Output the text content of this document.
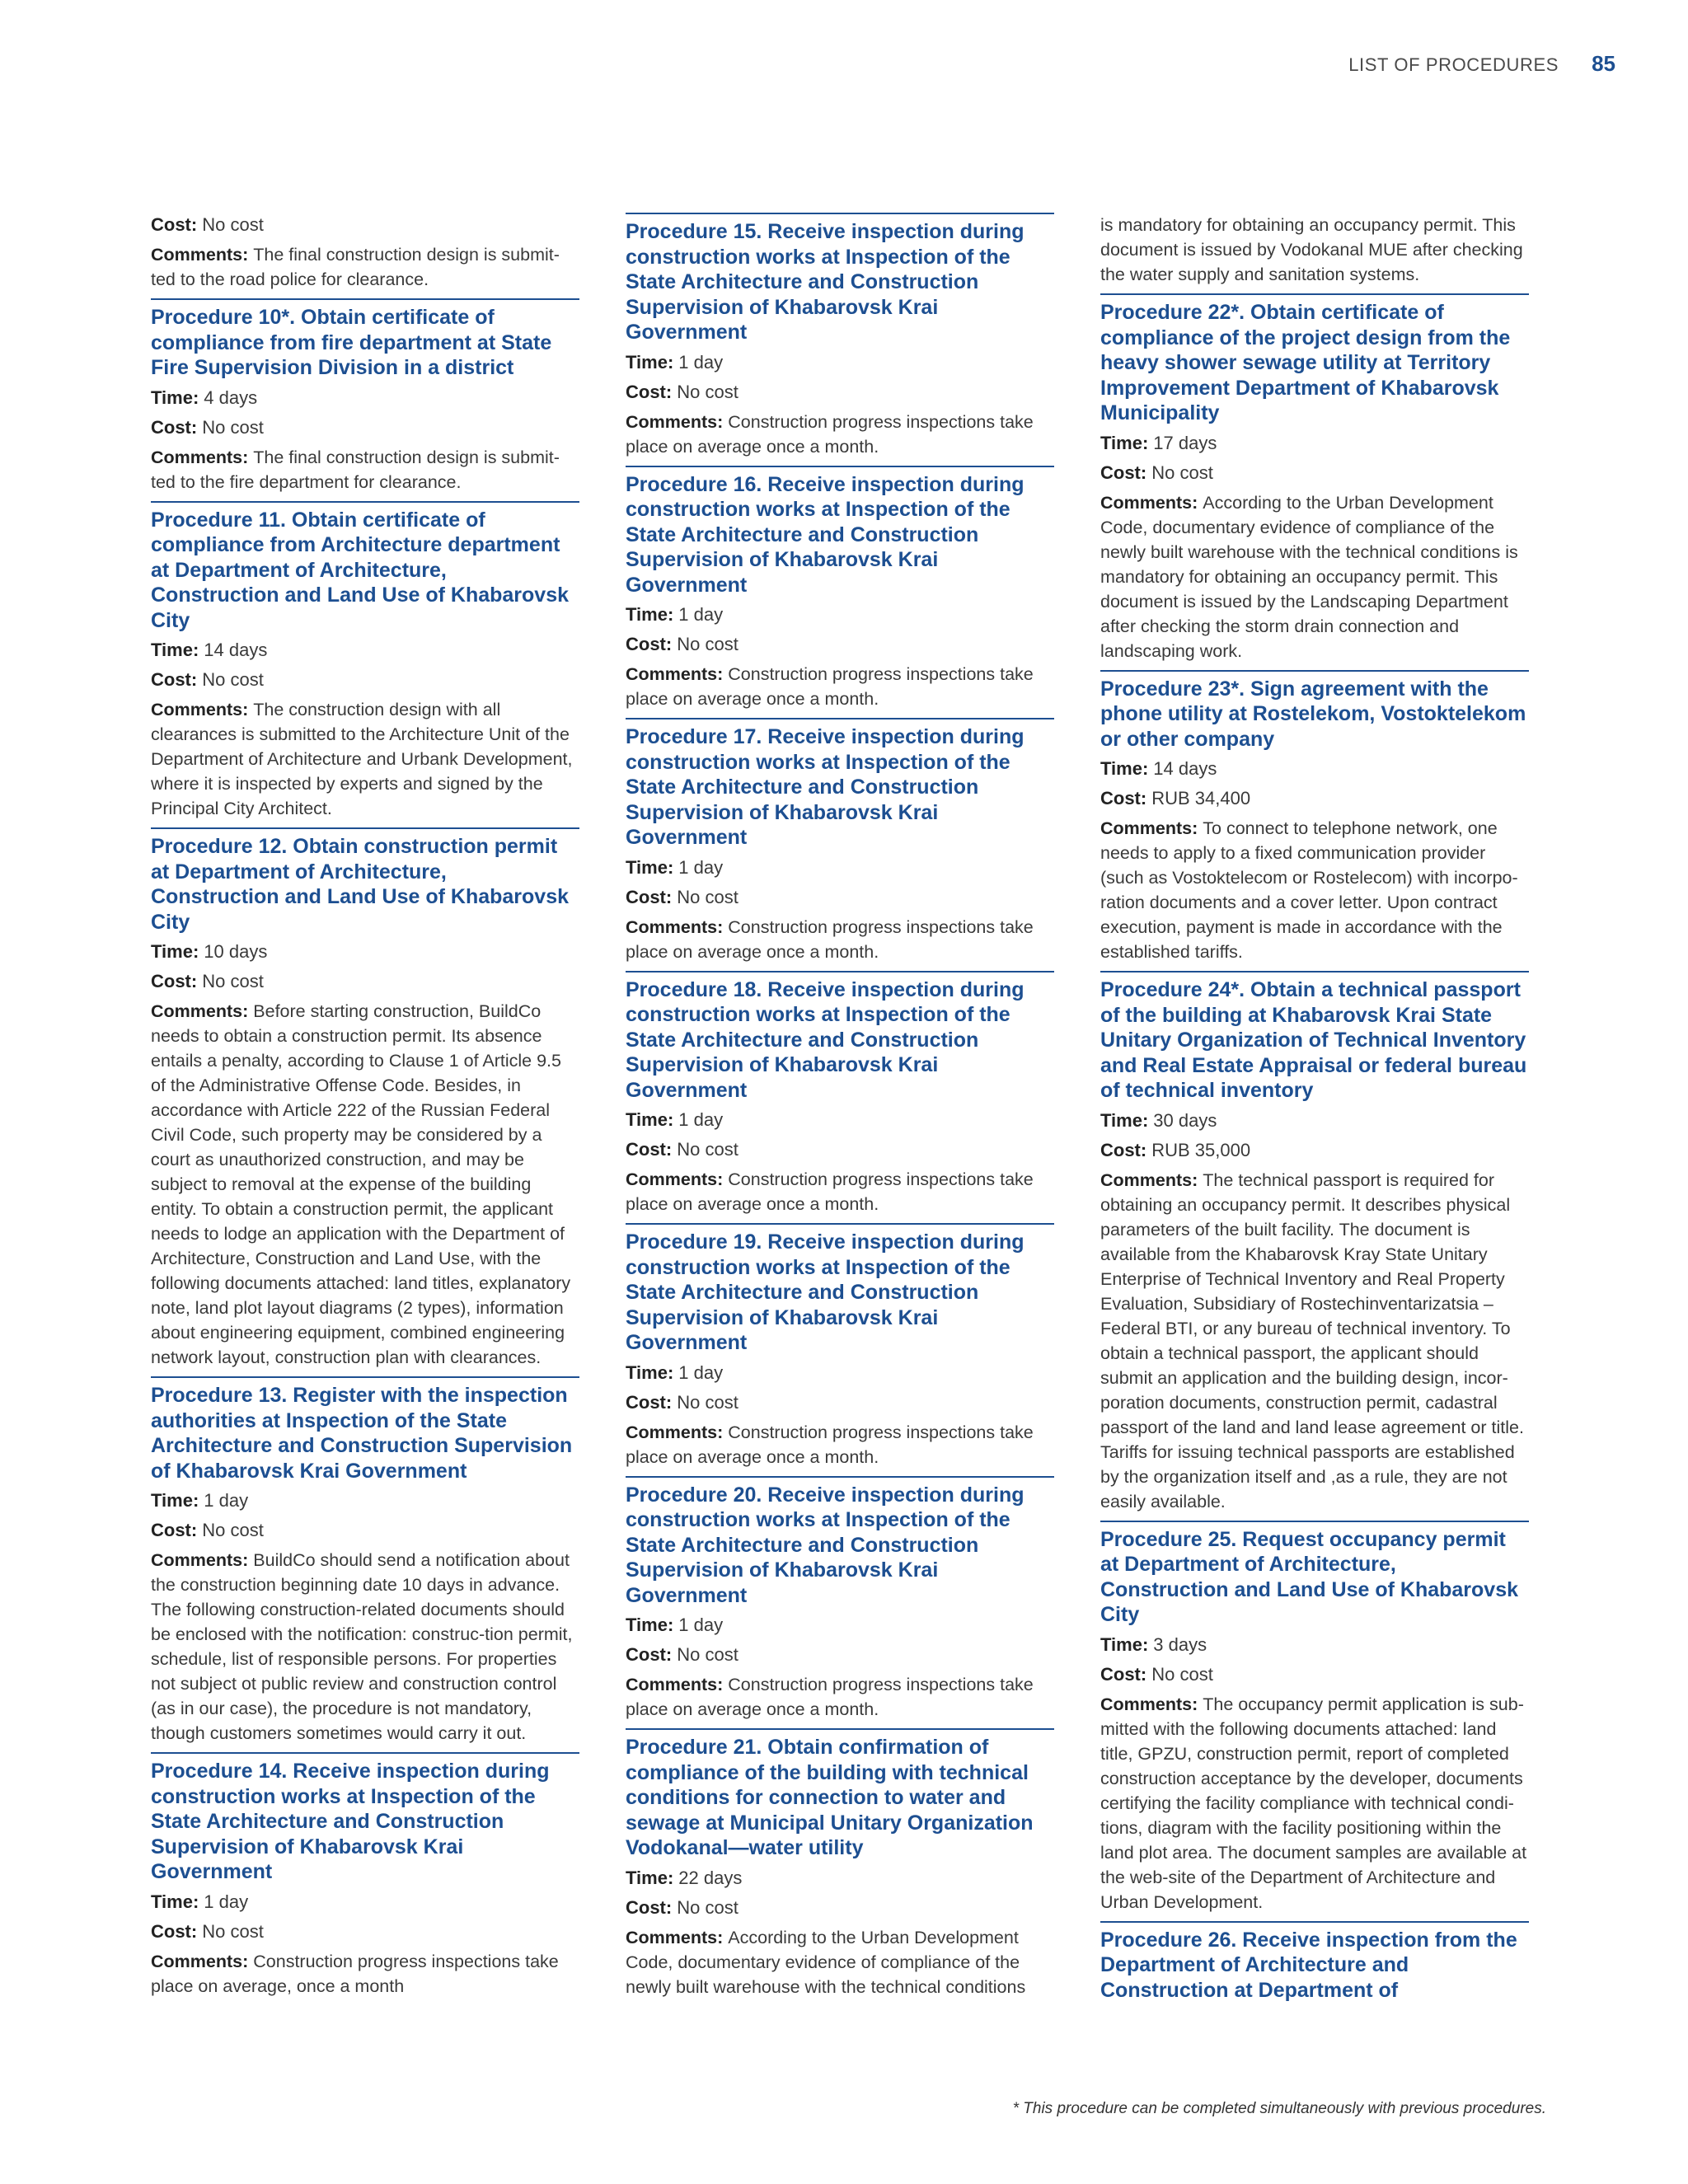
LIST OF PROCEDURES 85

Cost: No cost

Comments: The final construction design is submit-ted to the road police for clearance.

Procedure 10*. Obtain certificate of compliance from fire department at State Fire Supervision Division in a district

Time: 4 days

Cost: No cost

Comments: The final construction design is submit-ted to the fire department for clearance.

Procedure 11. Obtain certificate of compliance from Architecture department at Department of Architecture, Construction and Land Use of Khabarovsk City

Time: 14 days

Cost: No cost

Comments: The construction design with all clearances is submitted to the Architecture Unit of the Department of Architecture and Urbank Development, where it is inspected by experts and signed by the Principal City Architect.

Procedure 12. Obtain construction permit at Department of Architecture, Construction and Land Use of Khabarovsk City

Time: 10 days

Cost: No cost

Comments: Before starting construction, BuildCo needs to obtain a construction permit. Its absence entails a penalty, according to Clause 1 of Article 9.5 of the Administrative Offense Code. Besides, in accordance with Article 222 of the Russian Federal Civil Code, such property may be considered by a court as unauthorized construction, and may be subject to removal at the expense of the building entity. To obtain a construction permit, the applicant needs to lodge an application with the Department of Architecture, Construction and Land Use, with the following documents attached: land titles, explanatory note, land plot layout diagrams (2 types), information about engineering equipment, combined engineering network layout, construction plan with clearances.

Procedure 13. Register with the inspection authorities at Inspection of the State Architecture and Construction Supervision of Khabarovsk Krai Government

Time: 1 day

Cost: No cost

Comments: BuildCo should send a notification about the construction beginning date 10 days in advance. The following construction-related documents should be enclosed with the notification: construc-tion permit, schedule, list of responsible persons. For properties not subject ot public review and construction control (as in our case), the procedure is not mandatory, though customers sometimes would carry it out.

Procedure 14. Receive inspection during construction works at Inspection of the State Architecture and Construction Supervision of Khabarovsk Krai Government

Time: 1 day

Cost: No cost

Comments: Construction progress inspections take place on average, once a month

Procedure 15. Receive inspection during construction works at Inspection of the State Architecture and Construction Supervision of Khabarovsk Krai Government

Time: 1 day

Cost: No cost

Comments: Construction progress inspections take place on average once a month.

Procedure 16. Receive inspection during construction works at Inspection of the State Architecture and Construction Supervision of Khabarovsk Krai Government

Time: 1 day

Cost: No cost

Comments: Construction progress inspections take place on average once a month.

Procedure 17. Receive inspection during construction works at Inspection of the State Architecture and Construction Supervision of Khabarovsk Krai Government

Time: 1 day

Cost: No cost

Comments: Construction progress inspections take place on average once a month.

Procedure 18. Receive inspection during construction works at Inspection of the State Architecture and Construction Supervision of Khabarovsk Krai Government

Time: 1 day

Cost: No cost

Comments: Construction progress inspections take place on average once a month.

Procedure 19. Receive inspection during construction works at Inspection of the State Architecture and Construction Supervision of Khabarovsk Krai Government

Time: 1 day

Cost: No cost

Comments: Construction progress inspections take place on average once a month.

Procedure 20. Receive inspection during construction works at Inspection of the State Architecture and Construction Supervision of Khabarovsk Krai Government

Time: 1 day

Cost: No cost

Comments: Construction progress inspections take place on average once a month.

Procedure 21. Obtain confirmation of compliance of the building with technical conditions for connection to water and sewage at Municipal Unitary Organization Vodokanal—water utility

Time: 22 days

Cost: No cost

Comments: According to the Urban Development Code, documentary evidence of compliance of the newly built warehouse with the technical conditions

is mandatory for obtaining an occupancy permit. This document is issued by Vodokanal MUE after checking the water supply and sanitation systems.

Procedure 22*. Obtain certificate of compliance of the project design from the heavy shower sewage utility at Territory Improvement Department of Khabarovsk Municipality

Time: 17 days

Cost: No cost

Comments: According to the Urban Development Code, documentary evidence of compliance of the newly built warehouse with the technical conditions is mandatory for obtaining an occupancy permit. This document is issued by the Landscaping Department after checking the storm drain connection and landscaping work.

Procedure 23*. Sign agreement with the phone utility at Rostelekom, Vostoktelekom or other company

Time: 14 days

Cost: RUB 34,400

Comments: To connect to telephone network, one needs to apply to a fixed communication provider (such as Vostoktelecom or Rostelecom) with incorpo-ration documents and a cover letter. Upon contract execution, payment is made in accordance with the established tariffs.

Procedure 24*. Obtain a technical passport of the building at Khabarovsk Krai State Unitary Organization of Technical Inventory and Real Estate Appraisal or federal bureau of technical inventory

Time: 30 days

Cost: RUB 35,000

Comments: The technical passport is required for obtaining an occupancy permit. It describes physical parameters of the built facility. The document is available from the Khabarovsk Kray State Unitary Enterprise of Technical Inventory and Real Property Evaluation, Subsidiary of Rostechinventarizatsia – Federal BTI, or any bureau of technical inventory. To obtain a technical passport, the applicant should submit an application and the building design, incor-poration documents, construction permit, cadastral passport of the land and land lease agreement or title. Tariffs for issuing technical passports are established by the organization itself and ,as a rule, they are not easily available.

Procedure 25. Request occupancy permit at Department of Architecture, Construction and Land Use of Khabarovsk City

Time: 3 days

Cost: No cost

Comments: The occupancy permit application is sub-mitted with the following documents attached: land title, GPZU, construction permit, report of completed construction acceptance by the developer, documents certifying the facility compliance with technical condi-tions, diagram with the facility positioning within the land plot area. The document samples are available at the web-site of the Department of Architecture and Urban Development.

Procedure 26. Receive inspection from the Department of Architecture and Construction at Department of

* This procedure can be completed simultaneously with previous procedures.
